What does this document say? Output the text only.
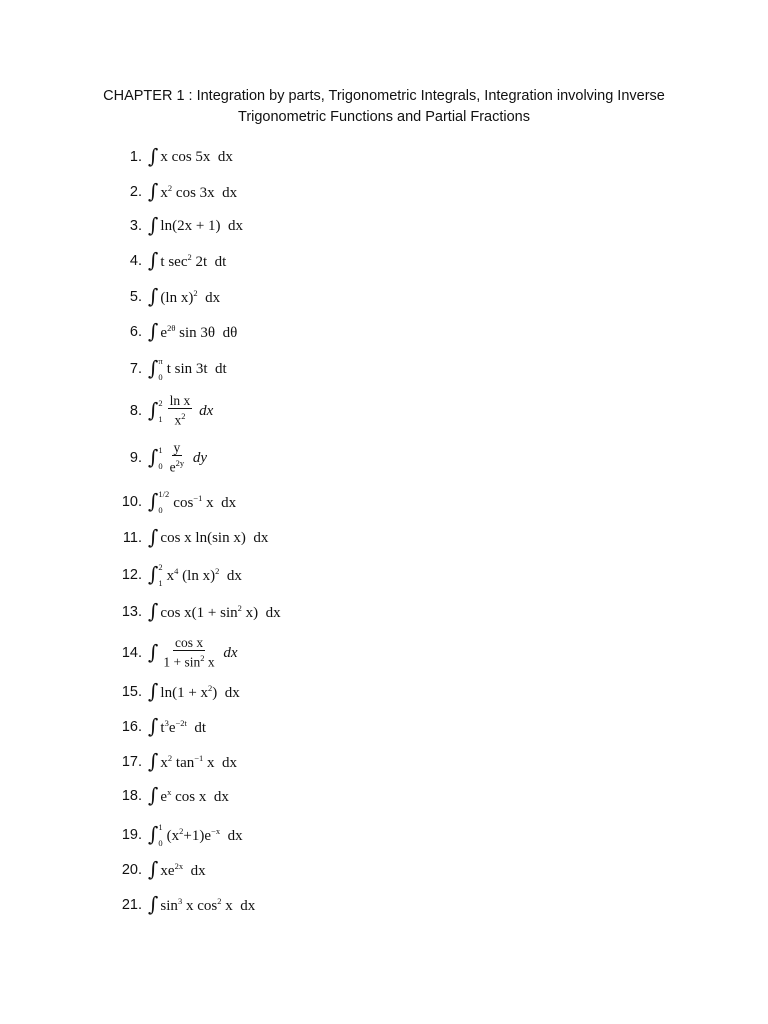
CHAPTER 1 : Integration by parts, Trigonometric Integrals, Integration involving Inverse
Trigonometric Functions and Partial Fractions
1. ∫ x cos 5x  dx
2. ∫ $x^2$ cos 3x  dx
3. ∫ ln(2x + 1)  dx
4. ∫ t $\sec^2 2t$  dt
5. ∫ (ln x)$^2$  dx
6. ∫ $e^{2\theta}$ sin 3θ  dθ
7. ∫ π
0 t sin 3t  dt
8. ∫ 2
$1 \frac{\text{ln x}}{x^2}$ dx
9. ∫ 1
$0 \frac{y}{e^{2y}}$ dy
10. ∫ 1/2
0 $\cos^{-1} x$  dx
11. ∫ cos x ln(sin x)  dx
12. ∫ 2
1 $x^4$ (ln x)$^2$  dx
13. ∫ $\cos x(1 + \sin^2 x)$  dx
14. ∫ $\frac{\text{cos x}}{1 + \sin^2 x}$ dx
15. ∫ $\ln(1 + x^2)$  dx
16. ∫ $t^3e^{-2t}$  dt
17. ∫ $x^2$ $\tan^{-1} x$  dx
18. ∫ $e^x$ cos x  dx
19. ∫ 1
0 $(x^2+1)e^{-x}$  dx
20. ∫ $xe^{2x}$  dx
21. ∫ $\sin^3 x$ $\cos^2 x$  dx
